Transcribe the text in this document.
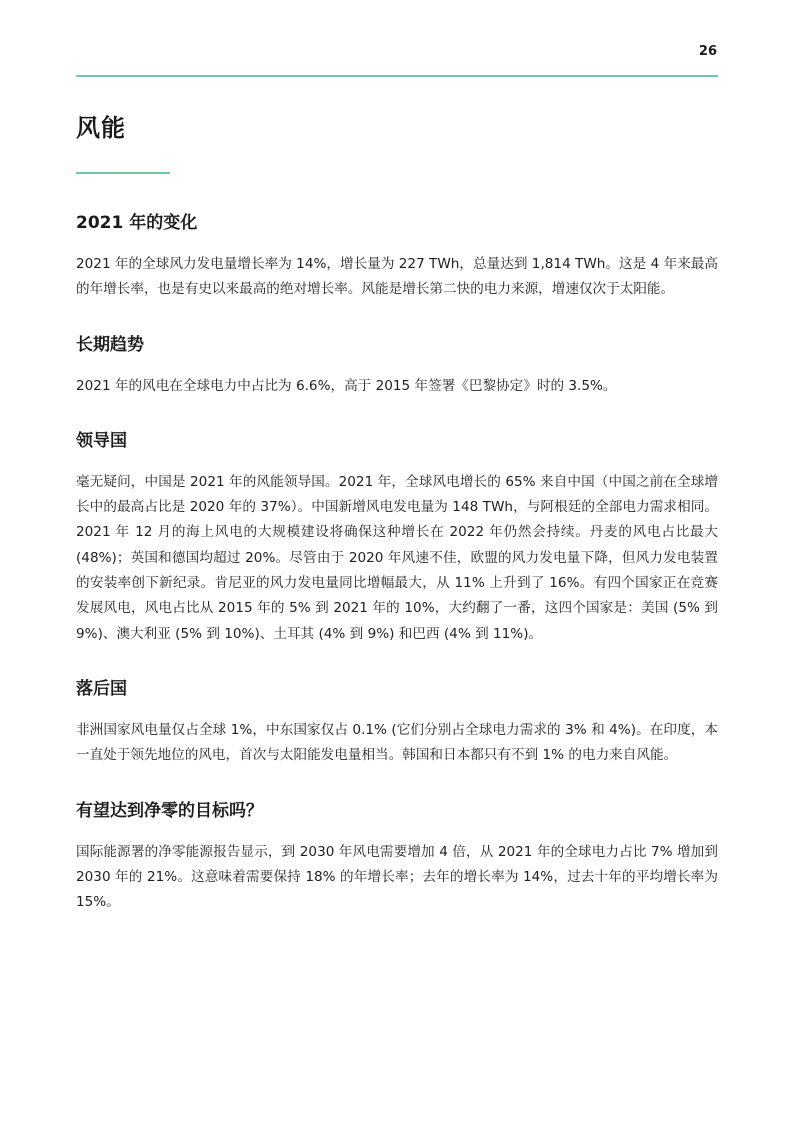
26
风能
2021 年的变化

2021 年的全球风力发电量增长率为 14%，增长量为 227 TWh，总量达到 1,814 TWh。这是 4 年来最高的年增长率，也是有史以来最高的绝对增长率。风能是增长第二快的电力来源，增速仅次于太阳能。

长期趋势

2021 年的风电在全球电力中占比为 6.6%，高于 2015 年签署《巴黎协定》时的 3.5%。

领导国

毫无疑问，中国是 2021 年的风能领导国。2021 年，全球风电增长的 65% 来自中国（中国之前在全球增长中的最高占比是 2020 年的 37%）。中国新增风电发电量为 148 TWh，与阿根廷的全部电力需求相同。2021 年 12 月的海上风电的大规模建设将确保这种增长在 2022 年仍然会持续。丹麦的风电占比最大 (48%)；英国和德国均超过 20%。尽管由于 2020 年风速不佳，欧盟的风力发电量下降，但风力发电装置的安装率创下新纪录。肯尼亚的风力发电量同比增幅最大，从 11% 上升到了 16%。有四个国家正在竞赛发展风电，风电占比从 2015 年的 5% 到 2021 年的 10%，大约翻了一番，这四个国家是：美国 (5% 到 9%)、澳大利亚 (5% 到 10%)、土耳其 (4% 到 9%) 和巴西 (4% 到 11%)。

落后国

非洲国家风电量仅占全球 1%，中东国家仅占 0.1% (它们分别占全球电力需求的 3% 和 4%)。在印度，本一直处于领先地位的风电，首次与太阳能发电量相当。韩国和日本都只有不到 1% 的电力来自风能。

有望达到净零的目标吗？

国际能源署的净零能源报告显示，到 2030 年风电需要增加 4 倍，从 2021 年的全球电力占比 7% 增加到 2030 年的 21%。这意味着需要保持 18% 的年增长率；去年的增长率为 14%，过去十年的平均增长率为 15%。
